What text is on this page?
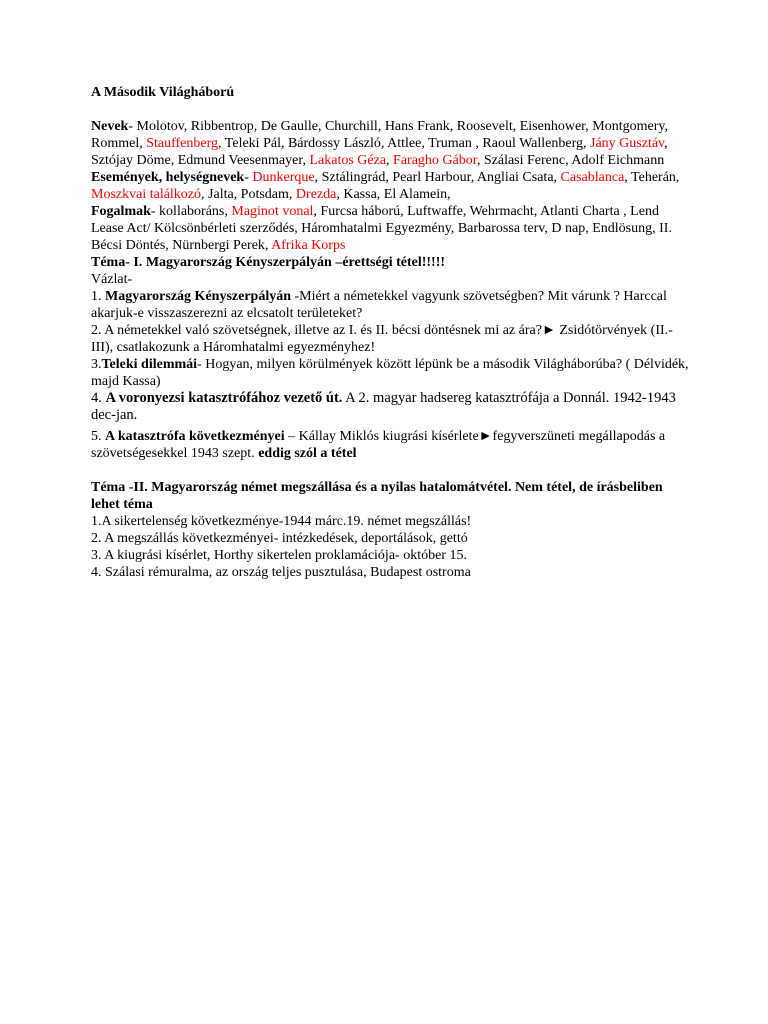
A Második Világháború

Nevek- Molotov, Ribbentrop, De Gaulle, Churchill, Hans Frank, Roosevelt, Eisenhower, Montgomery, Rommel, Stauffenberg, Teleki Pál, Bárdossy László, Attlee, Truman , Raoul Wallenberg, Jány Gusztáv, Sztójay Döme, Edmund Veesenmayer, Lakatos Géza, Faragho Gábor, Szálasi Ferenc, Adolf Eichmann

Események, helységnevek- Dunkerque, Sztálingrád, Pearl Harbour, Angliai Csata, Casablanca, Teherán, Moszkvai találkozó, Jalta, Potsdam, Drezda, Kassa, El Alamein,

Fogalmak- kollaboráns, Maginot vonal, Furcsa háború, Luftwaffe, Wehrmacht, Atlanti Charta , Lend Lease Act/ Kölcsönbérleti szerződés, Háromhatalmi Egyezmény, Barbarossa terv, D nap, Endlösung, II. Bécsi Döntés, Nürnbergi Perek, Afrika Korps

Téma- I. Magyarország Kényszerpályán –érettségi tétel!!!!!

Vázlat-

1. Magyarország Kényszerpályán -Miért a németekkel vagyunk szövetségben? Mit várunk ? Harccal akarjuk-e visszaszerezni az elcsatolt területeket?

2. A németekkel való szövetségnek, illetve az I. és II. bécsi döntésnek mi az ára?► Zsidótörvények (II.-III), csatlakozunk a Háromhatalmi egyezményhez!

3.Teleki dilemmái- Hogyan, milyen körülmények között lépünk be a második Világháborúba? ( Délvidék, majd Kassa)

4. A voronyezsi katasztrófához vezető út. A 2. magyar hadsereg katasztrófája a Donnál. 1942-1943 dec-jan.

5. A katasztrófa következményei – Kállay Miklós kiugrási kísérlete►fegyverszüneti megállapodás a szövetségesekkel 1943 szept. eddig szól a tétel

Téma -II. Magyarország német megszállása és a nyilas hatalomátvétel. Nem tétel, de írásbeliben lehet téma

1.A sikertelenség következménye-1944 márc.19. német megszállás!

2. A megszállás következményei- intézkedések, deportálások, gettó

3. A kiugrási kísérlet, Horthy sikertelen proklamációja- október 15.

4. Szálasi rémuralma, az ország teljes pusztulása, Budapest ostroma
